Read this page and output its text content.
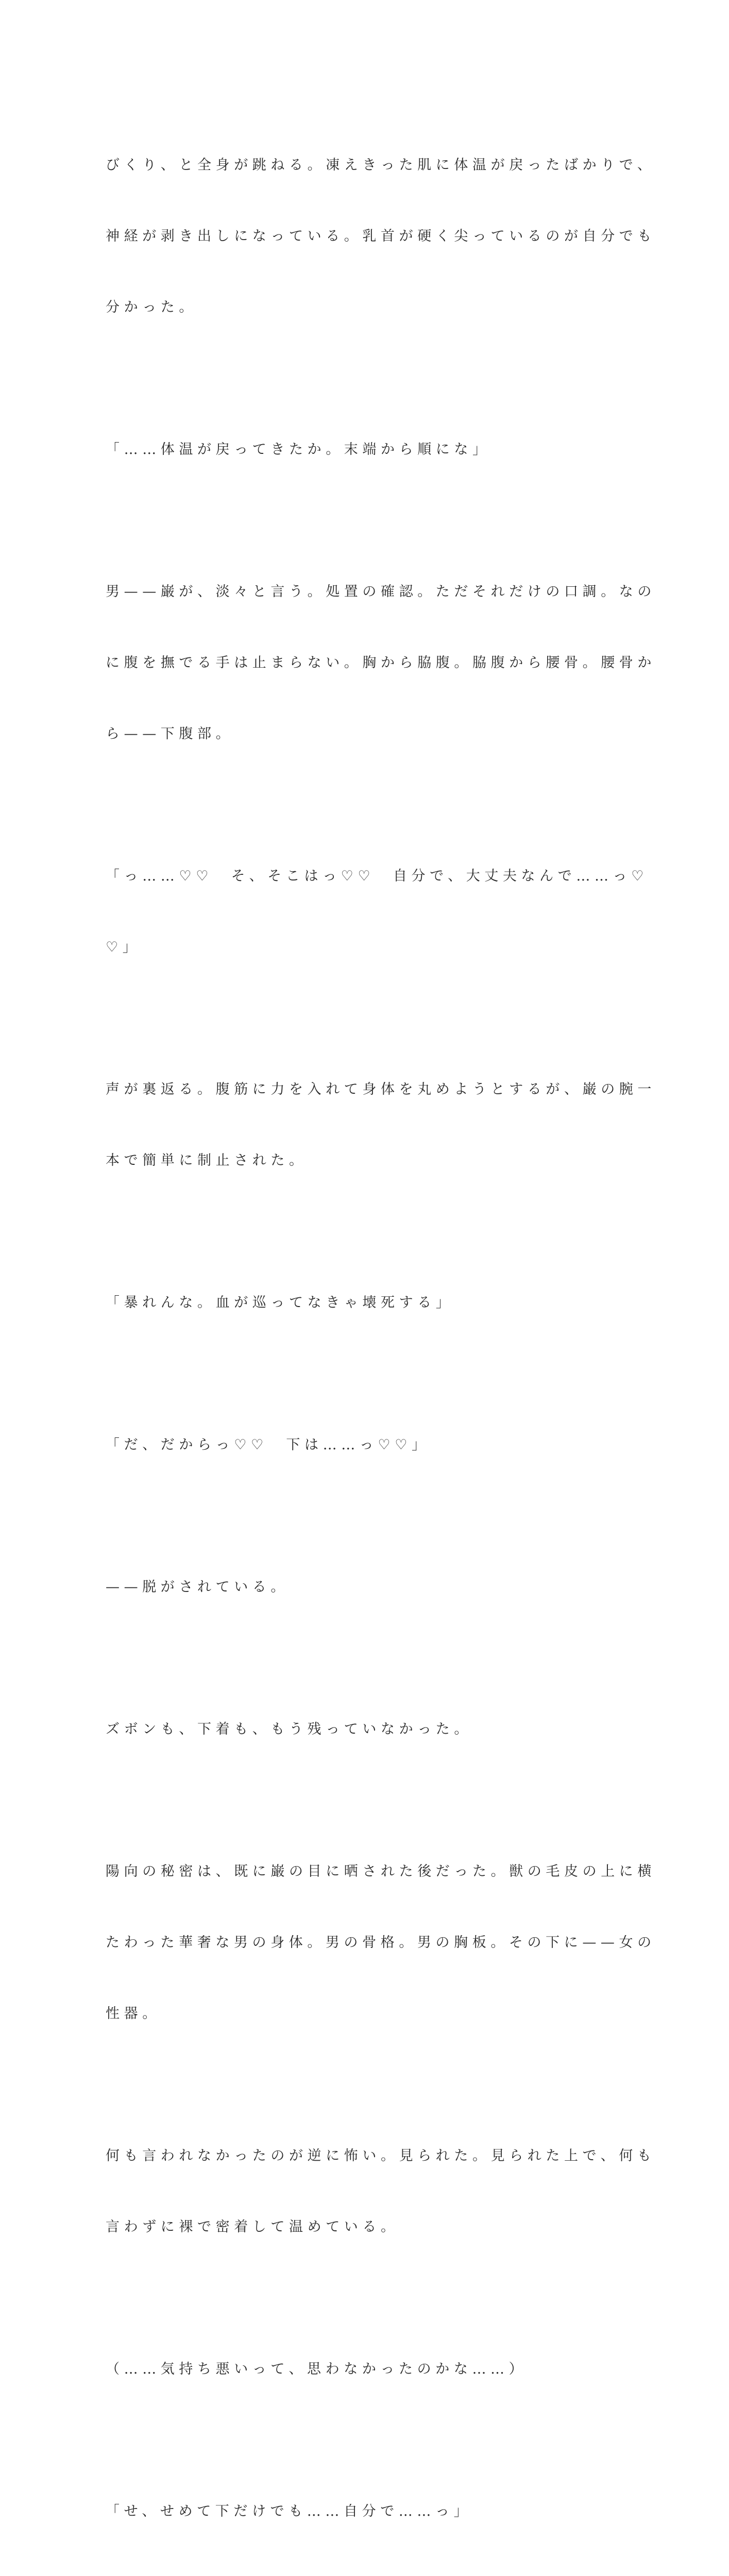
びくり、と全身が跳ねる。凍えきった肌に体温が戻ったばかりで、

神経が剥き出しになっている。乳首が硬く尖っているのが自分でも

分かった。

「……体温が戻ってきたか。末端から順にな」

男——巌が、淡々と言う。処置の確認。ただそれだけの口調。なの

に腹を撫でる手は止まらない。胸から脇腹。脇腹から腰骨。腰骨か

ら——下腹部。

「っ……♡♡　そ、そこはっ♡♡　自分で、大丈夫なんで……っ♡

♡」

声が裏返る。腹筋に力を入れて身体を丸めようとするが、巌の腕一

本で簡単に制止された。

「暴れんな。血が巡ってなきゃ壊死する」

「だ、だからっ♡♡　下は……っ♡♡」

——脱がされている。

ズボンも、下着も、もう残っていなかった。

陽向の秘密は、既に巌の目に晒された後だった。獣の毛皮の上に横

たわった華奢な男の身体。男の骨格。男の胸板。その下に——女の

性器。

何も言われなかったのが逆に怖い。見られた。見られた上で、何も

言わずに裸で密着して温めている。

（……気持ち悪いって、思わなかったのかな……）

「せ、せめて下だけでも……自分で……っ」
